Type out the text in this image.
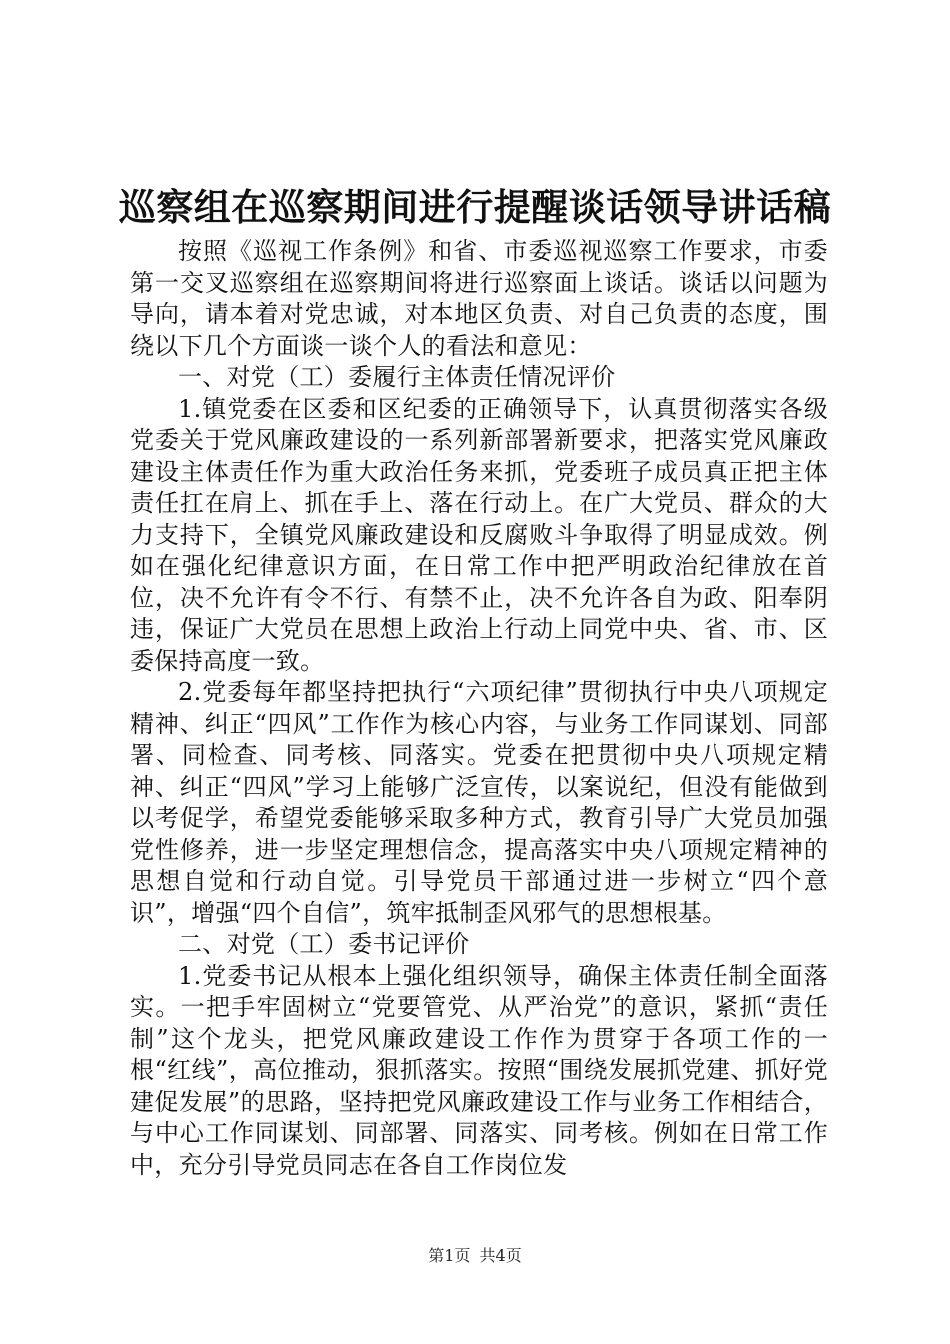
巡察组在巡察期间进行提醒谈话领导讲话稿

按照《巡视工作条例》和省、市委巡视巡察工作要求，市委第一交叉巡察组在巡察期间将进行巡察面上谈话。谈话以问题为导向，请本着对党忠诚，对本地区负责、对自己负责的态度，围绕以下几个方面谈一谈个人的看法和意见：

一、对党（工）委履行主体责任情况评价

1.镇党委在区委和区纪委的正确领导下，认真贯彻落实各级党委关于党风廉政建设的一系列新部署新要求，把落实党风廉政建设主体责任作为重大政治任务来抓，党委班子成员真正把主体责任扛在肩上、抓在手上、落在行动上。在广大党员、群众的大力支持下，全镇党风廉政建设和反腐败斗争取得了明显成效。例如在强化纪律意识方面，在日常工作中把严明政治纪律放在首位，决不允许有令不行、有禁不止，决不允许各自为政、阳奉阴违，保证广大党员在思想上政治上行动上同党中央、省、市、区委保持高度一致。

2.党委每年都坚持把执行“六项纪律”贯彻执行中央八项规定精神、纠正“四风”工作作为核心内容，与业务工作同谋划、同部署、同检查、同考核、同落实。党委在把贯彻中央八项规定精神、纠正“四风”学习上能够广泛宣传，以案说纪，但没有能做到以考促学，希望党委能够采取多种方式，教育引导广大党员加强党性修养，进一步坚定理想信念，提高落实中央八项规定精神的思想自觉和行动自觉。引导党员干部通过进一步树立“四个意识”，增强“四个自信”，筑牢抵制歪风邪气的思想根基。

二、对党（工）委书记评价

1.党委书记从根本上强化组织领导，确保主体责任制全面落实。一把手牢固树立“党要管党、从严治党”的意识，紧抓“责任制”这个龙头，把党风廉政建设工作作为贯穿于各项工作的一根“红线”，高位推动，狠抓落实。按照“围绕发展抓党建、抓好党建促发展”的思路，坚持把党风廉政建设工作与业务工作相结合，与中心工作同谋划、同部署、同落实、同考核。例如在日常工作中，充分引导党员同志在各自工作岗位发

第1页 共4页
